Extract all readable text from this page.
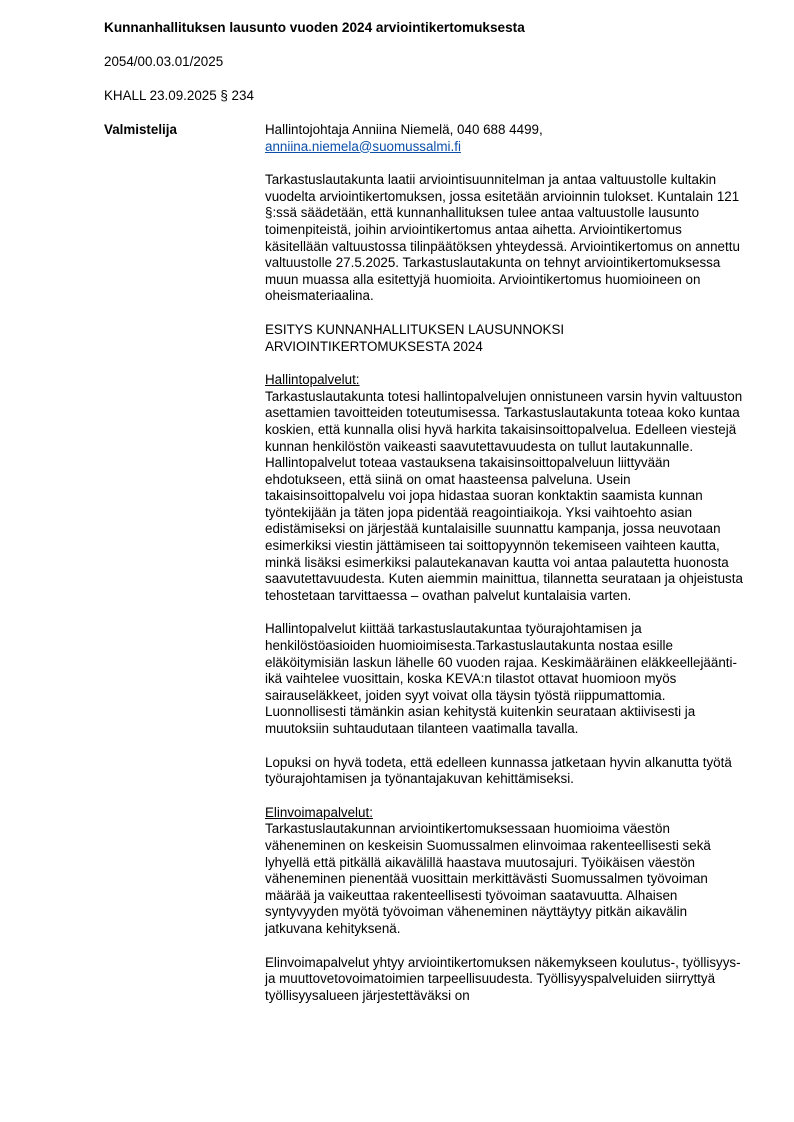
Kunnanhallituksen lausunto vuoden 2024 arviointikertomuksesta
2054/00.03.01/2025
KHALL 23.09.2025 § 234
Valmistelija	Hallintojohtaja Anniina Niemelä, 040 688 4499,
anniina.niemela@suomussalmi.fi

Tarkastuslautakunta laatii arviointisuunnitelman ja antaa valtuustolle kultakin vuodelta arviointikertomuksen, jossa esitetään arvioinnin tulokset. Kuntalain 121 §:ssä säädetään, että kunnanhallituksen tulee antaa valtuustolle lausunto toimenpiteistä, joihin arviointikertomus antaa aihetta. Arviointikertomus käsitellään valtuustossa tilinpäätöksen yhteydessä. Arviointikertomus on annettu valtuustolle 27.5.2025. Tarkastuslautakunta on tehnyt arviointikertomuksessa muun muassa alla esitettyjä huomioita. Arviointikertomus huomioineen on oheismateriaalina.

ESITYS KUNNANHALLITUKSEN LAUSUNNOKSI
ARVIOINTIKERTOMUKSESTA 2024

Hallintopalvelut:
Tarkastuslautakunta totesi hallintopalvelujen onnistuneen varsin hyvin valtuuston asettamien tavoitteiden toteutumisessa. Tarkastuslautakunta toteaa koko kuntaa koskien, että kunnalla olisi hyvä harkita takaisinsoittopalvelua. Edelleen viestejä kunnan henkilöstön vaikeasti saavutettavuudesta on tullut lautakunnalle. Hallintopalvelut toteaa vastauksena takaisinsoittopalveluun liittyvään ehdotukseen, että siinä on omat haasteensa palveluna. Usein takaisinsoittopalvelu voi jopa hidastaa suoran konktaktin saamista kunnan työntekijään ja täten jopa pidentää reagointiaikoja. Yksi vaihtoehto asian edistämiseksi on järjestää kuntalaisille suunnattu kampanja, jossa neuvotaan esimerkiksi viestin jättämiseen tai soittopyynnön tekemiseen vaihteen kautta, minkä lisäksi esimerkiksi palautekanavan kautta voi antaa palautetta huonosta saavutettavuudesta. Kuten aiemmin mainittua, tilannetta seurataan ja ohjeistusta tehostetaan tarvittaessa – ovathan palvelut kuntalaisia varten.

Hallintopalvelut kiittää tarkastuslautakuntaa työurajohtamisen ja henkilöstöasioiden huomioimisesta.Tarkastuslautakunta nostaa esille eläköitymisiän laskun lähelle 60 vuoden rajaa. Keskimääräinen eläkkeellejäänti-ikä vaihtelee vuosittain, koska KEVA:n tilastot ottavat huomioon myös sairauseläkkeet, joiden syyt voivat olla täysin työstä riippumattomia. Luonnollisesti tämänkin asian kehitystä kuitenkin seurataan aktiivisesti ja muutoksiin suhtaudutaan tilanteen vaatimalla tavalla.

Lopuksi on hyvä todeta, että edelleen kunnassa jatketaan hyvin alkanutta työtä työurajohtamisen ja työnantajakuvan kehittämiseksi.

Elinvoimapalvelut:
Tarkastuslautakunnan arviointikertomuksessaan huomioima väestön väheneminen on keskeisin Suomussalmen elinvoimaa rakenteellisesti sekä lyhyellä että pitkällä aikavälillä haastava muutosajuri. Työikäisen väestön väheneminen pienentää vuosittain merkittävästi Suomussalmen työvoiman määrää ja vaikeuttaa rakenteellisesti työvoiman saatavuutta. Alhaisen syntyvyyden myötä työvoiman väheneminen näyttäytyy pitkän aikavälin jatkuvana kehityksenä.

Elinvoimapalvelut yhtyy arviointikertomuksen näkemykseen koulutus-, työllisyys- ja muuttovetovoimatoimien tarpeellisuudesta. Työllisyyspalveluiden siirryttyä työllisyysalueen järjestettäväksi on
